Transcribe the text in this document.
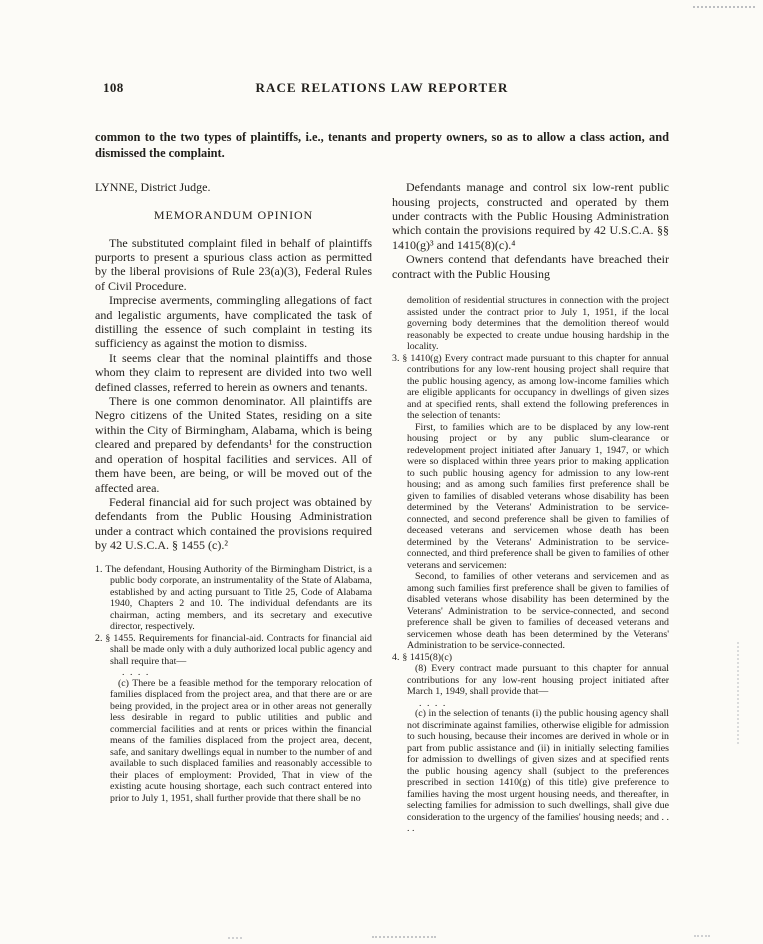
108	RACE RELATIONS LAW REPORTER

common to the two types of plaintiffs, i.e., tenants and property owners, so as to allow a class action, and dismissed the complaint.

LYNNE, District Judge.

MEMORANDUM OPINION

The substituted complaint filed in behalf of plaintiffs purports to present a spurious class action as permitted by the liberal provisions of Rule 23(a)(3), Federal Rules of Civil Procedure.

Imprecise averments, commingling allegations of fact and legalistic arguments, have complicated the task of distilling the essence of such complaint in testing its sufficiency as against the motion to dismiss.

It seems clear that the nominal plaintiffs and those whom they claim to represent are divided into two well defined classes, referred to herein as owners and tenants.

There is one common denominator. All plaintiffs are Negro citizens of the United States, residing on a site within the City of Birmingham, Alabama, which is being cleared and prepared by defendants¹ for the construction and operation of hospital facilities and services. All of them have been, are being, or will be moved out of the affected area.

Federal financial aid for such project was obtained by defendants from the Public Housing Administration under a contract which contained the provisions required by 42 U.S.C.A. § 1455 (c).²

1. The defendant, Housing Authority of the Birmingham District, is a public body corporate, an instrumentality of the State of Alabama, established by and acting pursuant to Title 25, Code of Alabama 1940, Chapters 2 and 10. The individual defendants are its chairman, acting members, and its secretary and executive director, respectively.

2. § 1455. Requirements for financial-aid. Contracts for financial aid shall be made only with a duly authorized local public agency and shall require that—

. . . .

(c) There be a feasible method for the temporary relocation of families displaced from the project area, and that there are or are being provided, in the project area or in other areas not generally less desirable in regard to public utilities and public and commercial facilities and at rents or prices within the financial means of the families displaced from the project area, decent, safe, and sanitary dwellings equal in number to the number of and available to such displaced families and reasonably accessible to their places of employment: Provided, That in view of the existing acute housing shortage, each such contract entered into prior to July 1, 1951, shall further provide that there shall be no

Defendants manage and control six low-rent public housing projects, constructed and operated by them under contracts with the Public Housing Administration which contain the provisions required by 42 U.S.C.A. §§ 1410(g)³ and 1415(8)(c).⁴

Owners contend that defendants have breached their contract with the Public Housing

demolition of residential structures in connection with the project assisted under the contract prior to July 1, 1951, if the local governing body determines that the demolition thereof would reasonably be expected to create undue housing hardship in the locality.

3. § 1410(g) Every contract made pursuant to this chapter for annual contributions for any low-rent housing project shall require that the public housing agency, as among low-income families which are eligible applicants for occupancy in dwellings of given sizes and at specified rents, shall extend the following preferences in the selection of tenants:

First, to families which are to be displaced by any low-rent housing project or by any public slum-clearance or redevelopment project initiated after January 1, 1947, or which were so displaced within three years prior to making application to such public housing agency for admission to any low-rent housing; and as among such families first preference shall be given to families of disabled veterans whose disability has been determined by the Veterans' Administration to be service-connected, and second preference shall be given to families of deceased veterans and servicemen whose death has been determined by the Veterans' Administration to be service-connected, and third preference shall be given to families of other veterans and servicemen:

Second, to families of other veterans and servicemen and as among such families first preference shall be given to families of disabled veterans whose disability has been determined by the Veterans' Administration to be service-connected, and second preference shall be given to families of deceased veterans and servicemen whose death has been determined by the Veterans' Administration to be service-connected.

4. § 1415(8)(c)

(8) Every contract made pursuant to this chapter for annual contributions for any low-rent housing project initiated after March 1, 1949, shall provide that—

. . . .

(c) in the selection of tenants (i) the public housing agency shall not discriminate against families, otherwise eligible for admission to such housing, because their incomes are derived in whole or in part from public assistance and (ii) in initially selecting families for admission to dwellings of given sizes and at specified rents the public housing agency shall (subject to the preferences prescribed in section 1410(g) of this title) give preference to families having the most urgent housing needs, and thereafter, in selecting families for admission to such dwellings, shall give due consideration to the urgency of the families' housing needs; and . . . .
